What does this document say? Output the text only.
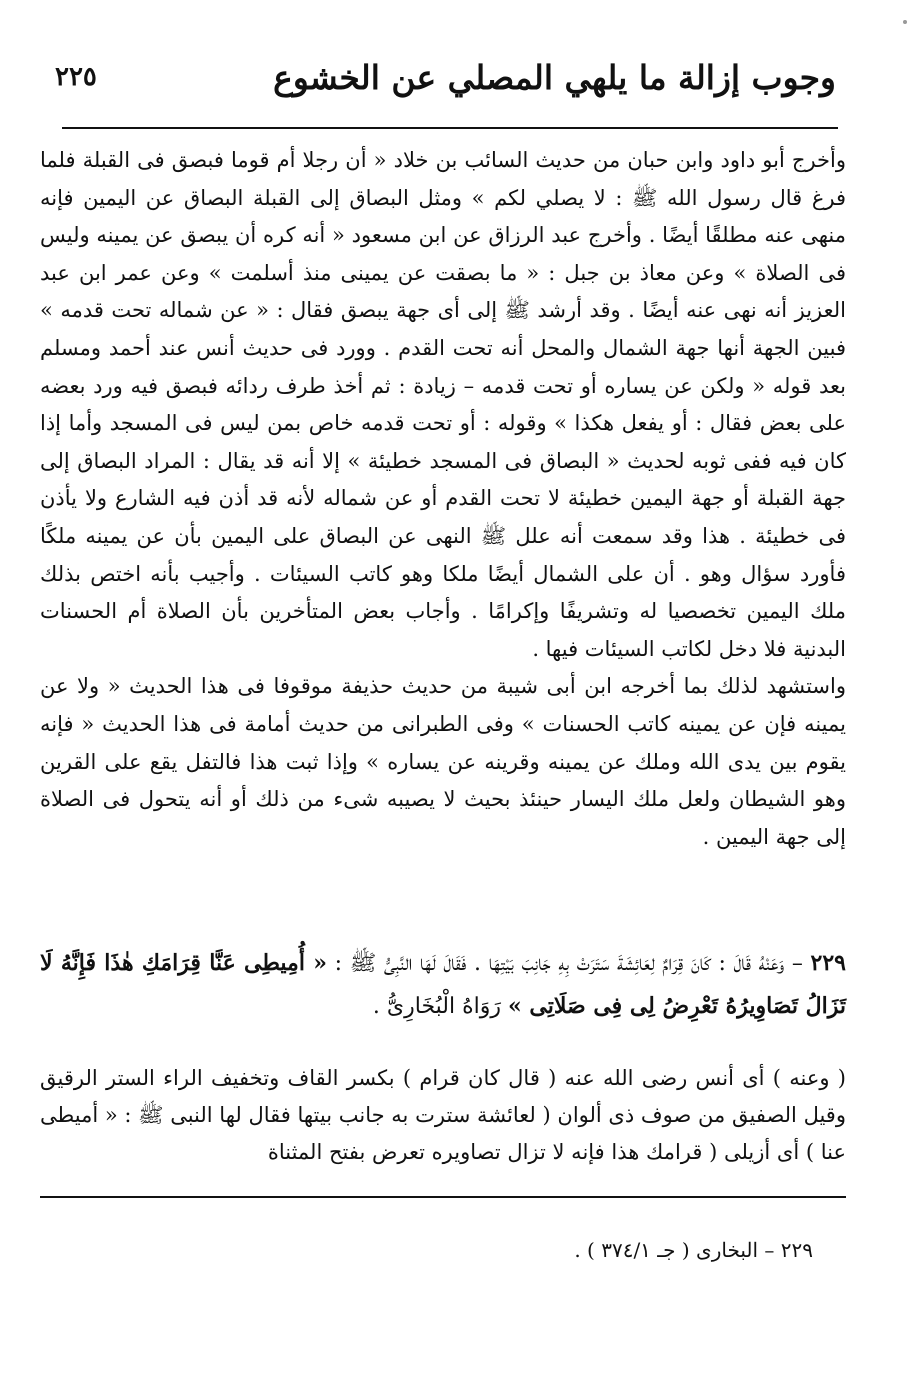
وجوب إزالة ما يلهي المصلي عن الخشوع
٢٢٥

وأخرج أبو داود وابن حبان من حديث السائب بن خلاد « أن رجلا أم قوما فبصق فى القبلة فلما فرغ قال رسول الله ﷺ : لا يصلي لكم » ومثل البصاق إلى القبلة البصاق عن اليمين فإنه منهى عنه مطلقًا أيضًا . وأخرج عبد الرزاق عن ابن مسعود « أنه كره أن يبصق عن يمينه وليس فى الصلاة » وعن معاذ بن جبل : « ما بصقت عن يمينى منذ أسلمت » وعن عمر ابن عبد العزيز أنه نهى عنه أيضًا . وقد أرشد ﷺ إلى أى جهة يبصق فقال : « عن شماله تحت قدمه » فبين الجهة أنها جهة الشمال والمحل أنه تحت القدم . وورد فى حديث أنس عند أحمد ومسلم بعد قوله « ولكن عن يساره أو تحت قدمه – زيادة : ثم أخذ طرف ردائه فبصق فيه ورد بعضه على بعض فقال : أو يفعل هكذا » وقوله : أو تحت قدمه خاص بمن ليس فى المسجد وأما إذا كان فيه ففى ثوبه لحديث « البصاق فى المسجد خطيئة » إلا أنه قد يقال : المراد البصاق إلى جهة القبلة أو جهة اليمين خطيئة لا تحت القدم أو عن شماله لأنه قد أذن فيه الشارع ولا يأذن فى خطيئة . هذا وقد سمعت أنه علل ﷺ النهى عن البصاق على اليمين بأن عن يمينه ملكًا فأورد سؤال وهو . أن على الشمال أيضًا ملكا وهو كاتب السيئات . وأجيب بأنه اختص بذلك ملك اليمين تخصصيا له وتشريفًا وإكرامًا . وأجاب بعض المتأخرين بأن الصلاة أم الحسنات البدنية فلا دخل لكاتب السيئات فيها .

واستشهد لذلك بما أخرجه ابن أبى شيبة من حديث حذيفة موقوفا فى هذا الحديث « ولا عن يمينه فإن عن يمينه كاتب الحسنات » وفى الطبرانى من حديث أمامة فى هذا الحديث « فإنه يقوم بين يدى الله وملك عن يمينه وقرينه عن يساره » وإذا ثبت هذا فالتفل يقع على القرين وهو الشيطان ولعل ملك اليسار حينئذ بحيث لا يصيبه شىء من ذلك أو أنه يتحول فى الصلاة إلى جهة اليمين .

٢٢٩ – وَعَنْهُ قَالَ : كَانَ قِرَامٌ لِعَائِشَةَ سَتَرَتْ بِهِ جَانِبَ بَيْتِهَا . فَقَالَ لَهَا النَّبِىُّ ﷺ : « أُمِيطِى عَنَّا قِرَامَكِ هٰذَا فَإِنَّهُ لَا تَزَالُ تَصَاوِيرُهُ تَعْرِضُ لِى فِى صَلَاتِى » رَوَاهُ الْبُخَارِىُّ .

( وعنه ) أى أنس رضى الله عنه ( قال كان قرام ) بكسر القاف وتخفيف الراء الستر الرقيق وقيل الصفيق من صوف ذى ألوان ( لعائشة سترت به جانب بيتها فقال لها النبى ﷺ : « أميطى عنا ) أى أزيلى ( قرامك هذا فإنه لا تزال تصاويره تعرض بفتح المثناة

٢٢٩ – البخارى ( جـ ٣٧٤/١ ) .
